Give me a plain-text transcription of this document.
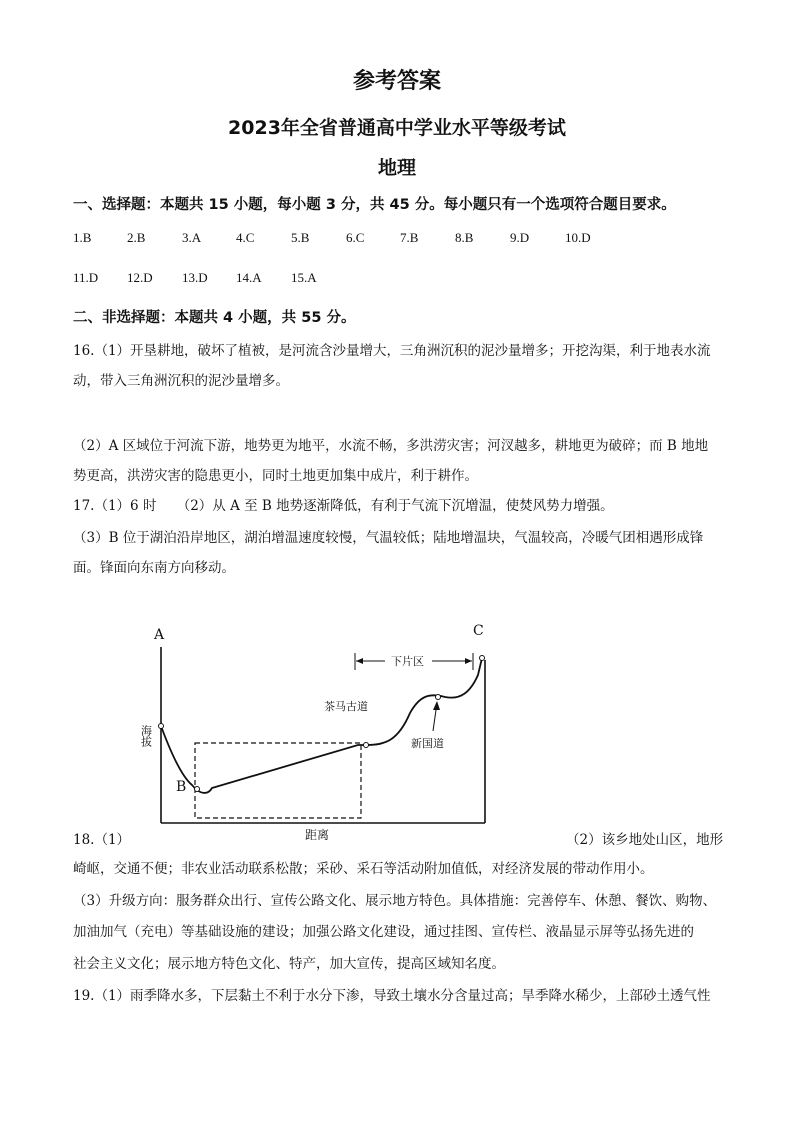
参考答案
2023年全省普通高中学业水平等级考试
地理
一、选择题：本题共 15 小题，每小题 3 分，共 45 分。每小题只有一个选项符合题目要求。
1.B	2.B	3.A	4.C	5.B	6.C	7.B	8.B	9.D	10.D
11.D 12.D 13.D 14.A 15.A
二、非选择题：本题共 4 小题，共 55 分。
16.（1）开垦耕地，破坏了植被，是河流含沙量增大，三角洲沉积的泥沙量增多；开挖沟渠，利于地表水流
动，带入三角洲沉积的泥沙量增多。
（2）A 区域位于河流下游，地势更为地平，水流不畅，多洪涝灾害；河汊越多，耕地更为破碎；而 B 地地
势更高，洪涝灾害的隐患更小，同时土地更加集中成片，利于耕作。
17.（1）6 时　　（2）从 A 至 B 地势逐渐降低，有利于气流下沉增温，使焚风势力增强。
（3）B 位于湖泊沿岸地区，湖泊增温速度较慢，气温较低；陆地增温块，气温较高，冷暖气团相遇形成锋
面。锋面向东南方向移动。
A
B
C
下片区
茶马古道
新国道
海拔
距离
18.（1）	（2）该乡地处山区，地形
崎岖，交通不便；非农业活动联系松散；采砂、采石等活动附加值低，对经济发展的带动作用小。
（3）升级方向：服务群众出行、宣传公路文化、展示地方特色。具体措施：完善停车、休憩、餐饮、购物、
加油加气（充电）等基础设施的建设；加强公路文化建设，通过挂图、宣传栏、液晶显示屏等弘扬先进的
社会主义文化；展示地方特色文化、特产，加大宣传，提高区域知名度。
19.（1）雨季降水多，下层黏土不利于水分下渗，导致土壤水分含量过高；旱季降水稀少，上部砂土透气性
